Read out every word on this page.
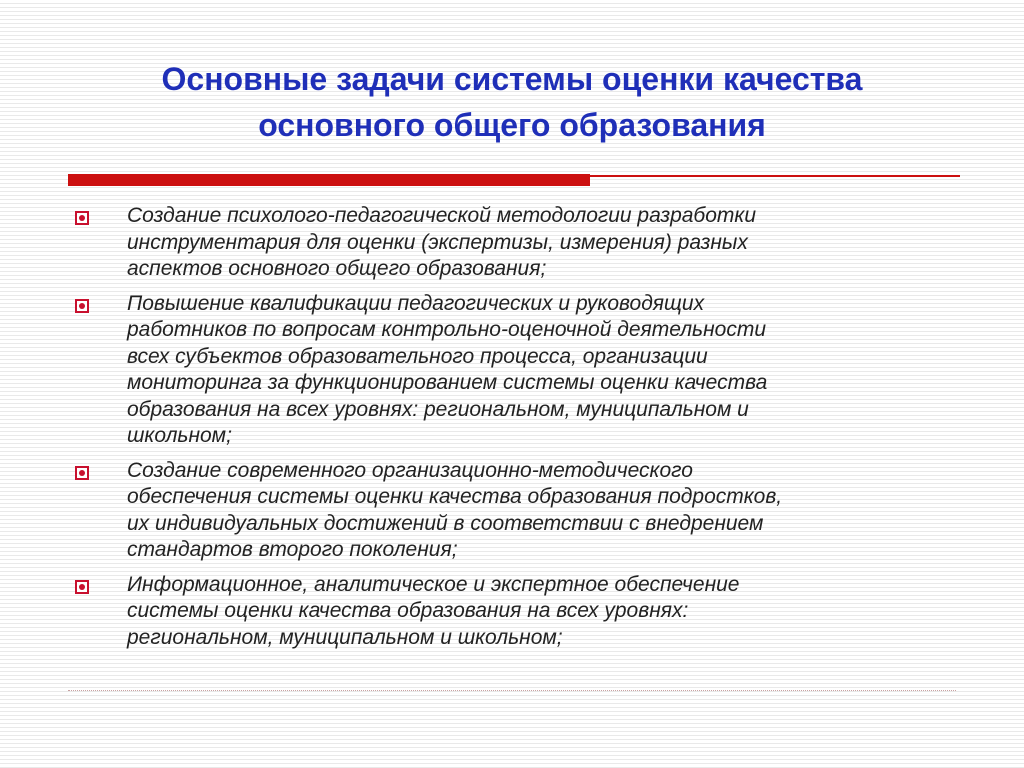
Основные задачи системы оценки качества
основного общего образования
Создание психолого-педагогической методологии разработки
инструментария для оценки (экспертизы, измерения) разных
аспектов основного общего образования;
Повышение квалификации педагогических и руководящих
работников по вопросам контрольно-оценочной деятельности
всех субъектов образовательного процесса, организации
мониторинга за функционированием системы оценки качества
образования на всех уровнях: региональном, муниципальном и
школьном;
Создание современного организационно-методического
обеспечения системы оценки качества образования подростков,
их индивидуальных достижений в соответствии с внедрением
стандартов второго поколения;
Информационное, аналитическое и экспертное обеспечение
системы оценки качества образования на всех уровнях:
региональном, муниципальном и школьном;
